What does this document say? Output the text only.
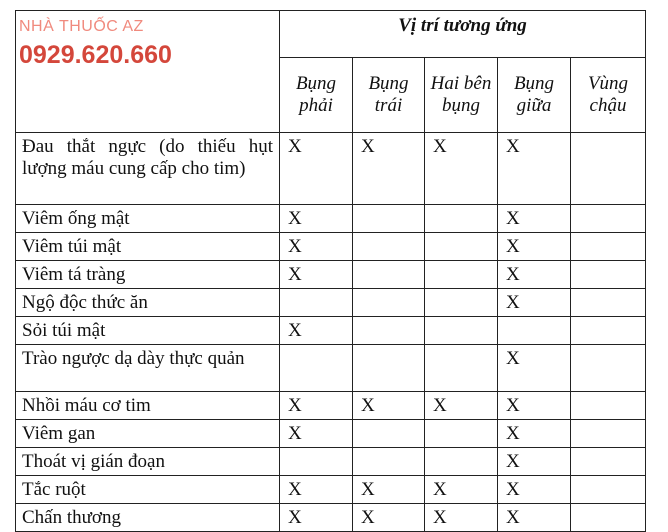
	Vị trí tương ứng				
	Bụng phải	Bụng trái	Hai bên bụng	Bụng giữa	Vùng chậu
Đau thắt ngực (do thiếu hụt lượng máu cung cấp cho tim)	X	X	X	X	
Viêm ống mật	X			X	
Viêm túi mật	X			X	
Viêm tá tràng	X			X	
Ngộ độc thức ăn				X	
Sỏi túi mật	X				
Trào ngược dạ dày thực quản				X	
Nhồi máu cơ tim	X	X	X	X	
Viêm gan	X			X	
Thoát vị gián đoạn				X	
Tắc ruột	X	X	X	X	
Chấn thương	X	X	X	X	
NHÀ THUỐC AZ
0929.620.660
